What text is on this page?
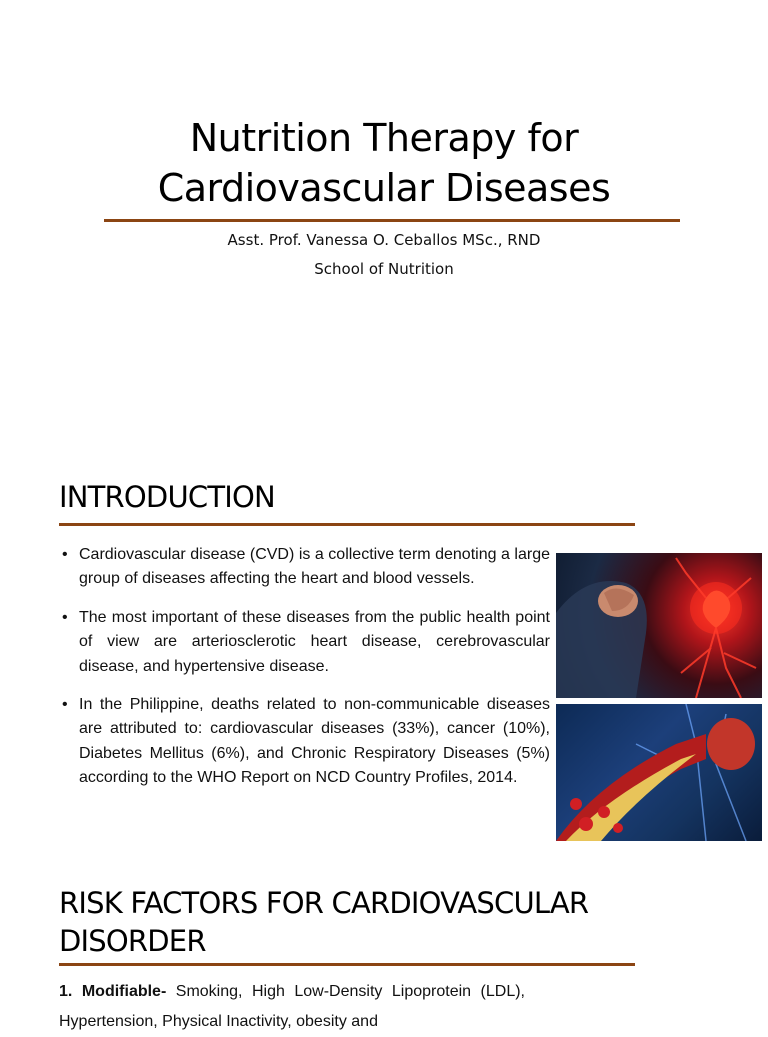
Nutrition Therapy for
Cardiovascular Diseases
Asst. Prof. Vanessa O. Ceballos MSc., RND
School of Nutrition
INTRODUCTION
• Cardiovascular disease (CVD) is a collective term denoting a large group of diseases affecting the heart and blood vessels.
• The most important of these diseases from the public health point of view are arteriosclerotic heart disease, cerebrovascular disease, and hypertensive disease.
• In the Philippine, deaths related to non-communicable diseases are attributed to: cardiovascular diseases (33%), cancer (10%), Diabetes Mellitus (6%), and Chronic Respiratory Diseases (5%) according to the WHO Report on NCD Country Profiles, 2014.
RISK FACTORS FOR CARDIOVASCULAR
DISORDER
1. Modifiable- Smoking, High Low-Density Lipoprotein (LDL), Hypertension, Physical Inactivity, obesity and
